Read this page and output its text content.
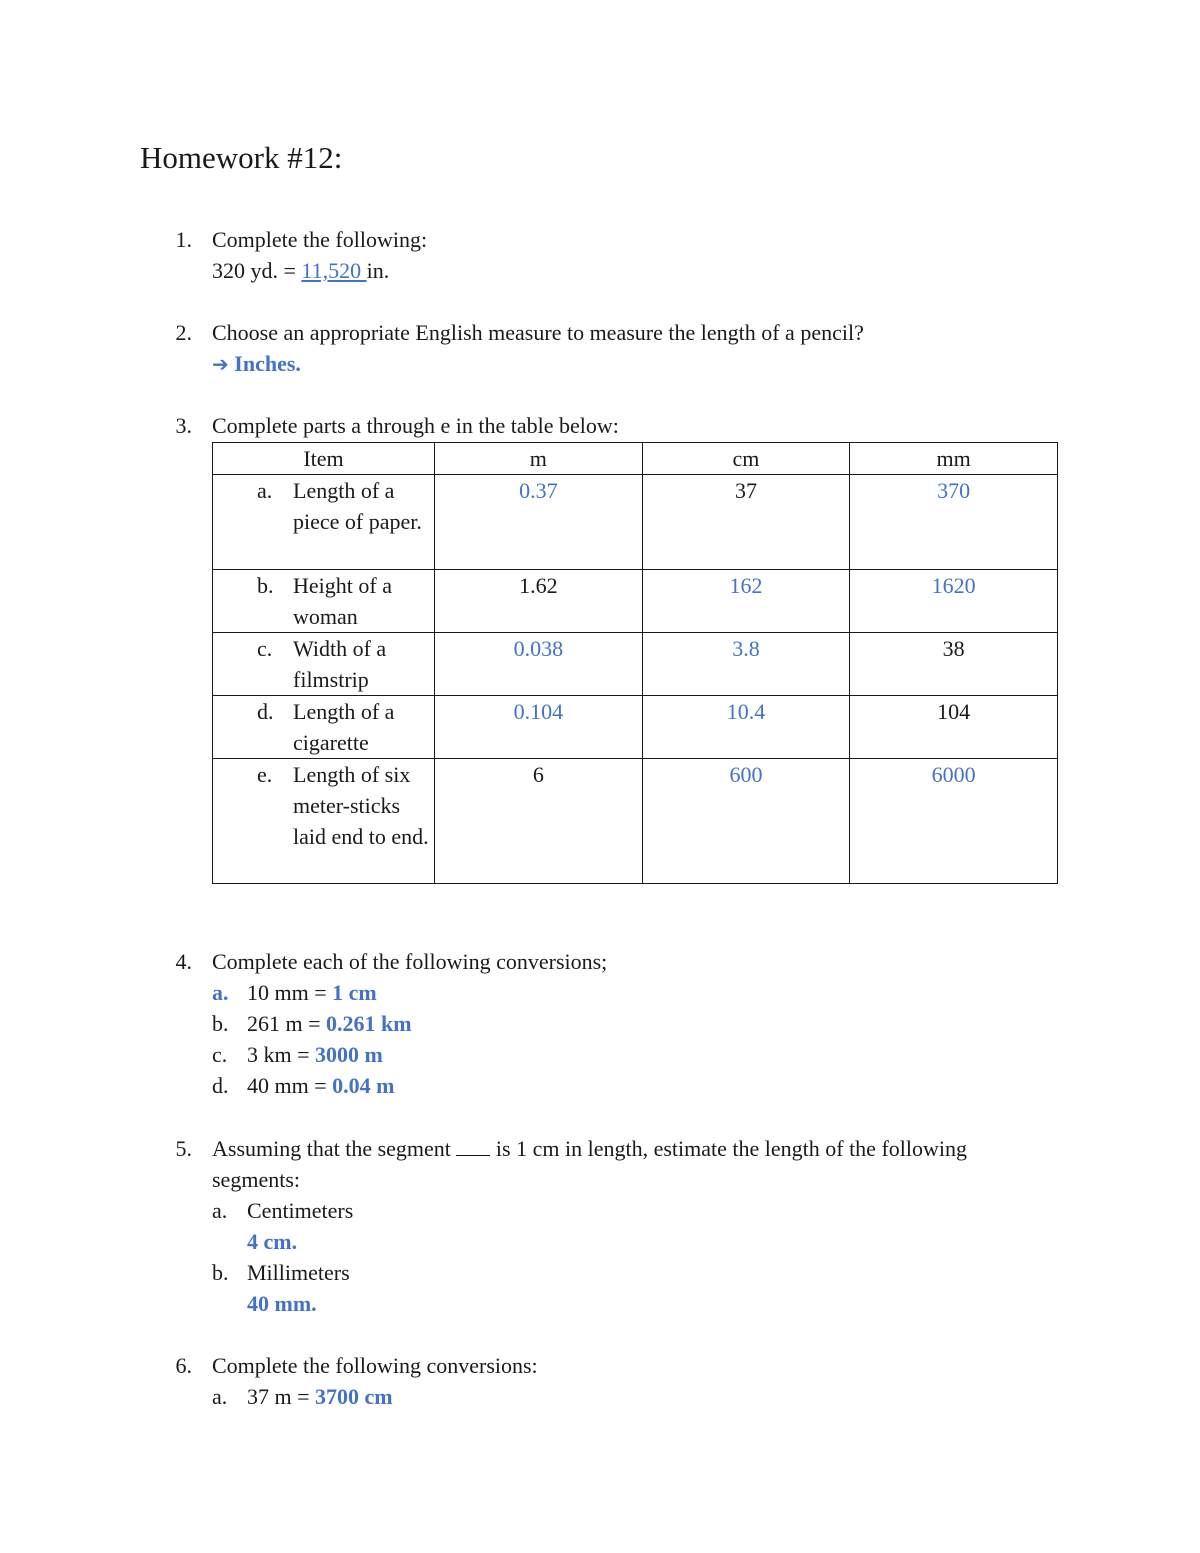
Homework #12:
1. Complete the following:
320 yd. = 11,520 in.
2. Choose an appropriate English measure to measure the length of a pencil?
➔ Inches.
3. Complete parts a through e in the table below:
Item	m	cm	mm

a. Length of a piece of paper.	0.37	37	370

b. Height of a woman	1.62	162	1620

c. Width of a filmstrip	0.038	3.8	38

d. Length of a cigarette	0.104	10.4	104

e. Length of six meter-sticks laid end to end.	6	600	6000
4. Complete each of the following conversions;
a. 10 mm = 1 cm
b. 261 m = 0.261 km
c. 3 km = 3000 m
d. 40 mm = 0.04 m
5. Assuming that the segment  is 1 cm in length, estimate the length of the following
segments:
a. Centimeters
4 cm.
b. Millimeters
40 mm.
6. Complete the following conversions:
a. 37 m = 3700 cm
